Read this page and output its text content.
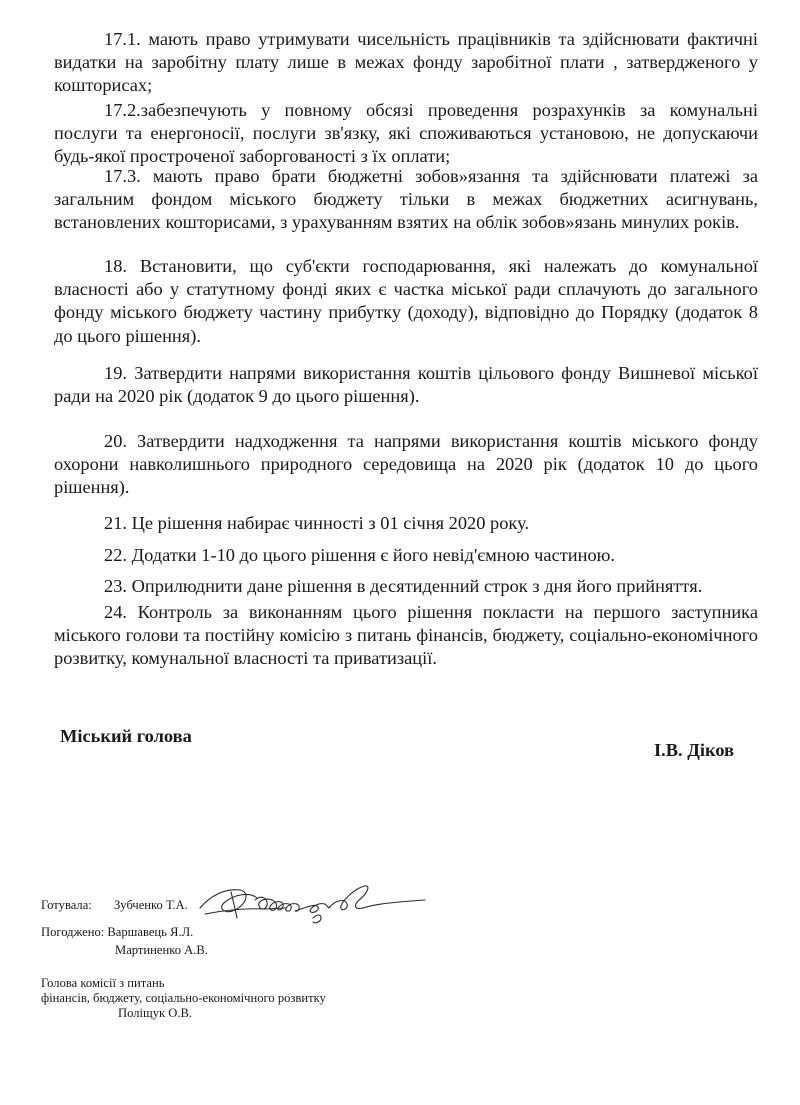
17.1. мають право утримувати чисельність працівників та здійснювати фактичні видатки на заробітну плату лише в межах фонду заробітної плати , затвердженого у кошторисах;

17.2.забезпечують у повному обсязі проведення розрахунків за комунальні послуги та енергоносії, послуги зв'язку, які споживаються установою, не допускаючи будь-якої простроченої заборгованості з їх оплати;

17.3. мають право брати бюджетні зобов»язання та здійснювати платежі за загальним фондом міського бюджету тільки в межах бюджетних асигнувань, встановлених кошторисами, з урахуванням взятих на облік зобов»язань минулих років.

18. Встановити, що суб'єкти господарювання, які належать до комунальної власності або у статутному фонді яких є частка міської ради сплачують до загального фонду міського бюджету частину прибутку (доходу), відповідно до Порядку (додаток 8 до цього рішення).

19. Затвердити напрями використання коштів цільового фонду Вишневої міської ради на 2020 рік (додаток 9 до цього рішення).

20. Затвердити надходження та напрями використання коштів міського фонду охорони навколишнього природного середовища на 2020 рік (додаток 10 до цього рішення).

21. Це рішення набирає чинності з 01 січня 2020 року.

22. Додатки 1-10 до цього рішення є його невід'ємною частиною.

23. Оприлюднити дане рішення в десятиденний строк з дня його прийняття.

24. Контроль за виконанням цього рішення покласти на першого заступника міського голови та постійну комісію з питань фінансів, бюджету, соціально-економічного розвитку, комунальної власності та приватизації.

Міський голова
І.В. Діков
Готувала: Зубченко Т.А.
Погоджено: Варшавець Я.Л.
Мартиненко А.В.
Голова комісії з питань
фінансів, бюджету, соціально-економічного розвитку
Поліщук О.В.
